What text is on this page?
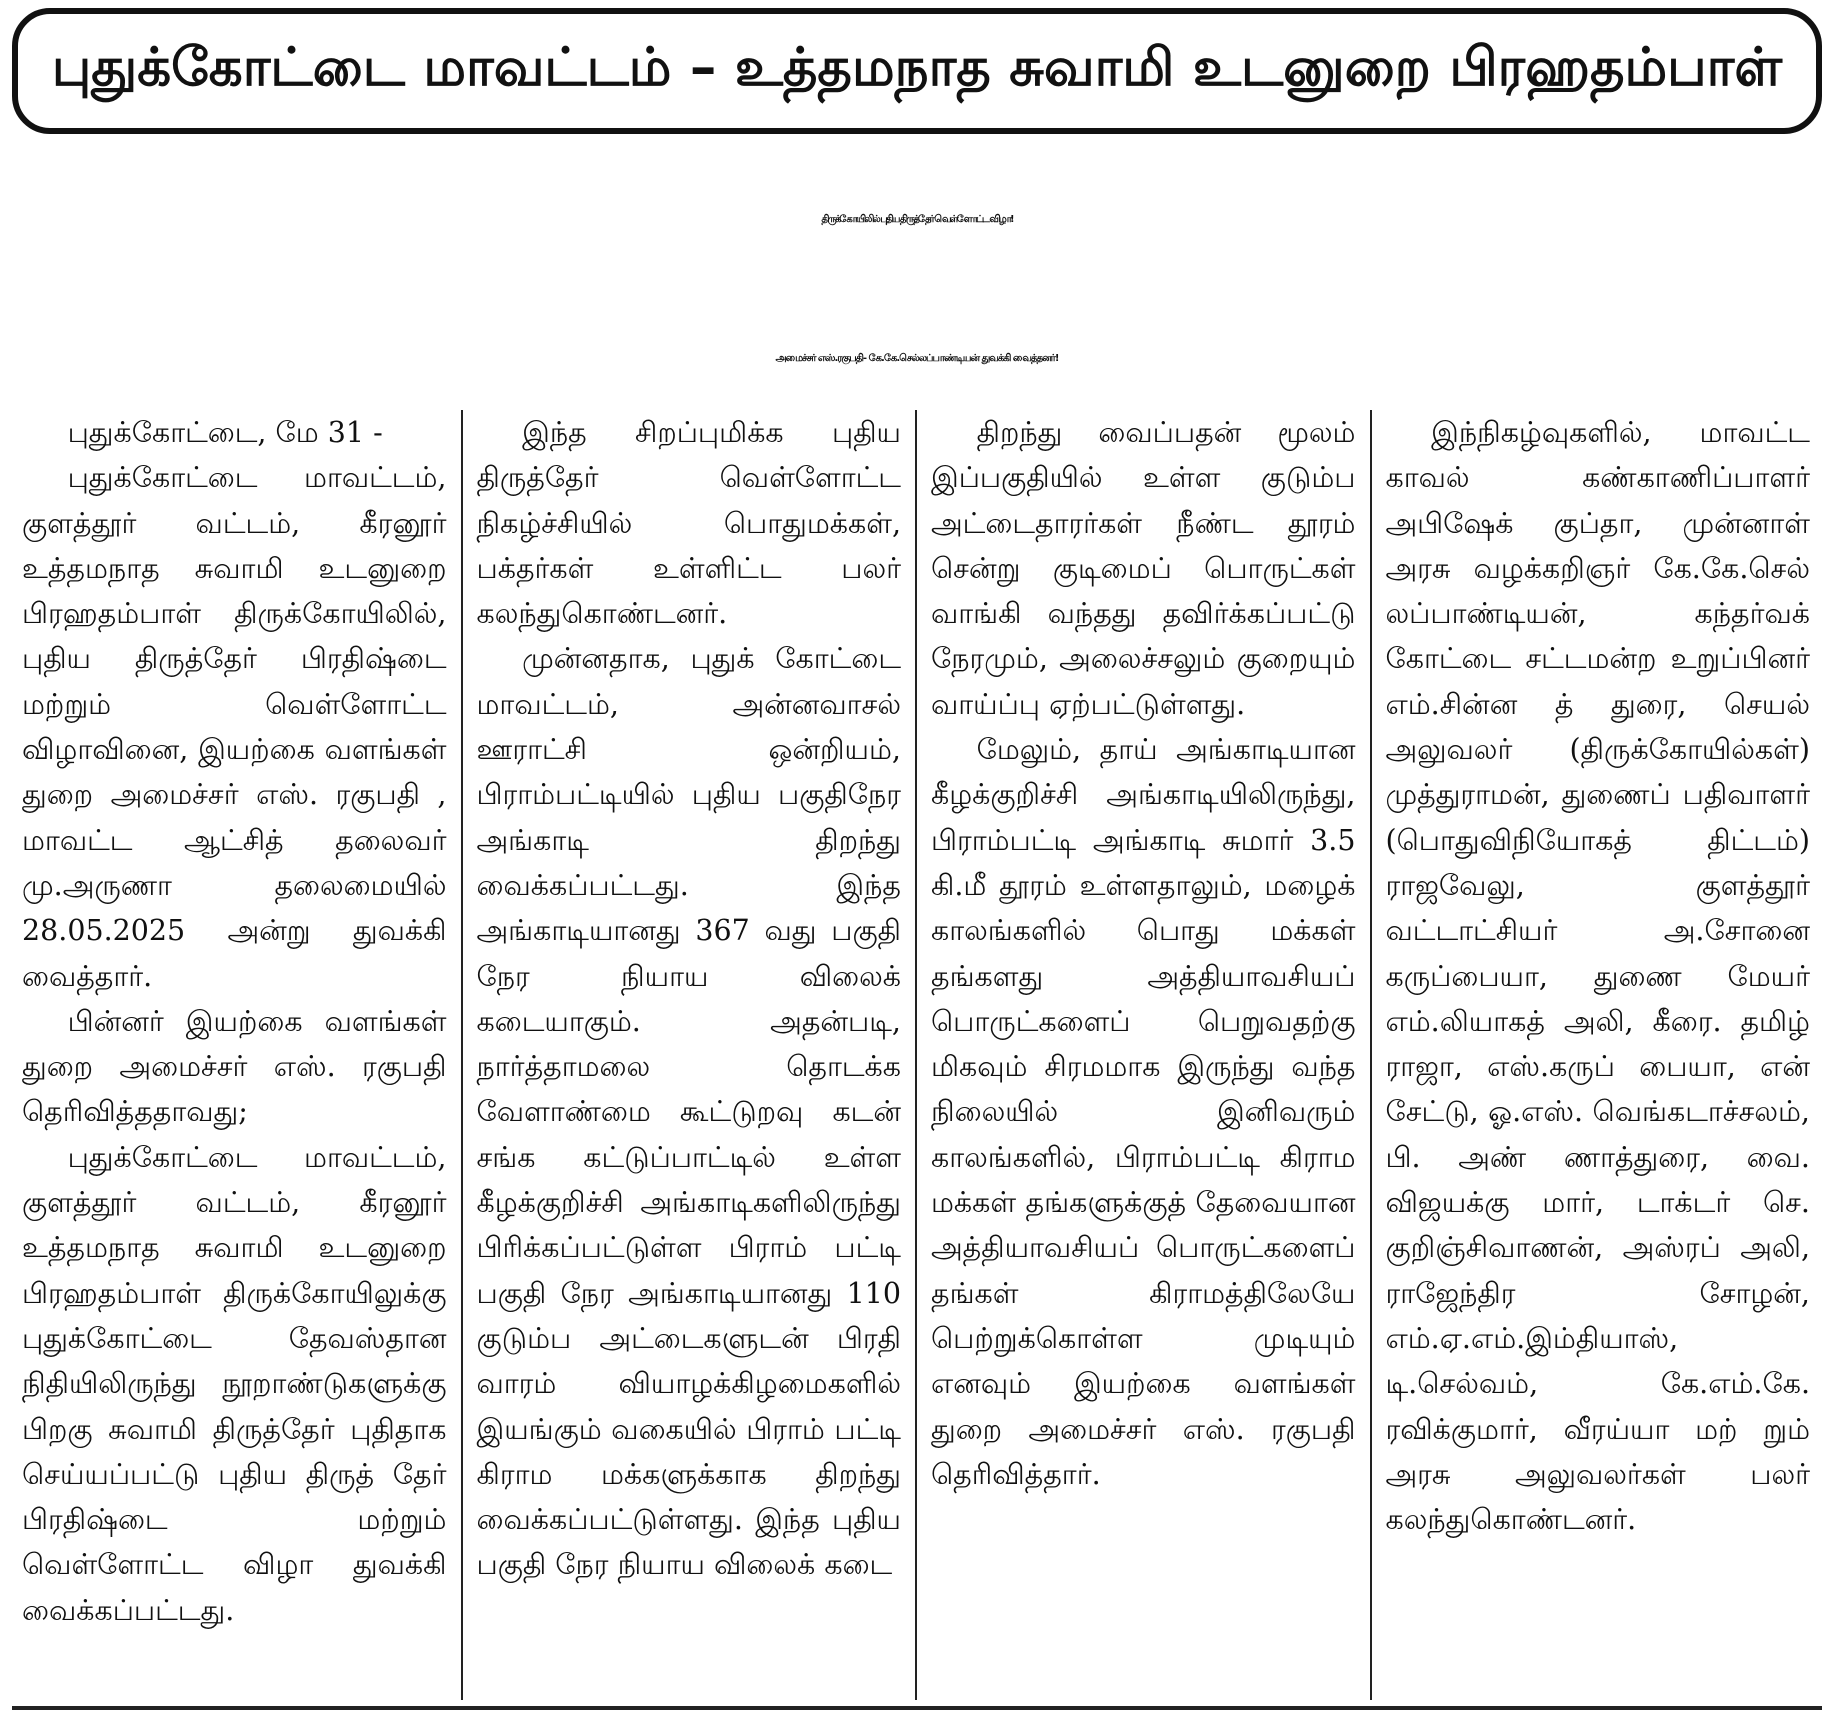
புதுக்கோட்டை மாவட்டம் – உத்தமநாத சுவாமி உடனுறை பிரஹதம்பாள்
திருக்கோயிலில் புதிய திருத்தேர் வெள்ளோட்ட விழா!
அமைச்சர் எஸ்.ரகுபதி- கே.கே.செல்லப்பாண்டியன் துவக்கி வைத்தனர்!

புதுக்கோட்டை, மே 31 -

புதுக்கோட்டை மாவட்டம், குளத்தூர் வட்டம், கீரனூர் உத்தமநாத சுவாமி உடனுறை பிரஹதம்பாள் திருக்கோயிலில், புதிய திருத்தேர் பிரதிஷ்டை மற்றும் வெள்ளோட்ட விழாவினை, இயற்கை வளங்கள் துறை அமைச்சர் எஸ். ரகுபதி , மாவட்ட ஆட்சித் தலைவர் மு.அருணா தலைமையில் 28.05.2025 அன்று துவக்கி வைத்தார்.

பின்னர் இயற்கை வளங்கள் துறை அமைச்சர் எஸ். ரகுபதி தெரிவித்ததாவது;

புதுக்கோட்டை மாவட்டம், குளத்தூர் வட்டம், கீரனூர் உத்தமநாத சுவாமி உடனுறை பிரஹதம்பாள் திருக்கோயிலுக்கு புதுக்கோட்டை தேவஸ்தான நிதியிலிருந்து நூறாண்டுகளுக்கு பிறகு சுவாமி திருத்தேர் புதிதாக செய்யப்பட்டு புதிய திருத் தேர் பிரதிஷ்டை மற்றும் வெள்ளோட்ட விழா துவக்கி வைக்கப்பட்டது.

இந்த சிறப்புமிக்க புதிய திருத்தேர் வெள்ளோட்ட நிகழ்ச்சியில் பொதுமக்கள், பக்தர்கள் உள்ளிட்ட பலர் கலந்துகொண்டனர்.

முன்னதாக, புதுக் கோட்டை மாவட்டம், அன்னவாசல் ஊராட்சி ஒன்றியம், பிராம்பட்டியில் புதிய பகுதிநேர அங்காடி திறந்து வைக்கப்பட்டது. இந்த அங்காடியானது 367 வது பகுதி நேர நியாய விலைக் கடையாகும். அதன்படி, நார்த்தாமலை தொடக்க வேளாண்மை கூட்டுறவு கடன் சங்க கட்டுப்பாட்டில் உள்ள கீழக்குறிச்சி அங்காடிகளிலிருந்து பிரிக்கப்பட்டுள்ள பிராம் பட்டி பகுதி நேர அங்காடியானது 110 குடும்ப அட்டைகளுடன் பிரதி வாரம் வியாழக்கிழமைகளில் இயங்கும் வகையில் பிராம் பட்டி கிராம மக்களுக்காக திறந்து வைக்கப்பட்டுள்ளது. இந்த புதிய பகுதி நேர நியாய விலைக் கடை

திறந்து வைப்பதன் மூலம் இப்பகுதியில் உள்ள குடும்ப அட்டைதாரர்கள் நீண்ட தூரம் சென்று குடிமைப் பொருட்கள் வாங்கி வந்தது தவிர்க்கப்பட்டு நேரமும், அலைச்சலும் குறையும் வாய்ப்பு ஏற்பட்டுள்ளது.

மேலும், தாய் அங்காடியான கீழக்குறிச்சி அங்காடியிலிருந்து, பிராம்பட்டி அங்காடி சுமார் 3.5 கி.மீ தூரம் உள்ளதாலும், மழைக் காலங்களில் பொது மக்கள் தங்களது அத்தியாவசியப் பொருட்களைப் பெறுவதற்கு மிகவும் சிரமமாக இருந்து வந்த நிலையில் இனிவரும் காலங்களில், பிராம்பட்டி கிராம மக்கள் தங்களுக்குத் தேவையான அத்தியாவசியப் பொருட்களைப் தங்கள் கிராமத்திலேயே பெற்றுக்கொள்ள முடியும் எனவும் இயற்கை வளங்கள் துறை அமைச்சர் எஸ். ரகுபதி தெரிவித்தார்.

இந்நிகழ்வுகளில், மாவட்ட காவல் கண்காணிப்பாளர் அபிஷேக் குப்தா, முன்னாள் அரசு வழக்கறிஞர் கே.கே.செல் லப்பாண்டியன், கந்தர்வக் கோட்டை சட்டமன்ற உறுப்பினர் எம்.சின்ன த் துரை, செயல் அலுவலர் (திருக்கோயில்கள்) முத்துராமன், துணைப் பதிவாளர் (பொதுவிநியோகத் திட்டம்) ராஜவேலு, குளத்தூர் வட்டாட்சியர் அ.சோனை கருப்பையா, துணை மேயர் எம்.லியாகத் அலி, கீரை. தமிழ் ராஜா, எஸ்.கருப் பையா, என் சேட்டு, ஓ.எஸ். வெங்கடாச்சலம், பி. அண் ணாத்துரை, வை. விஜயக்கு மார், டாக்டர் செ. குறிஞ்சிவாணன், அஸ்ரப் அலி, ராஜேந்திர சோழன், எம்.ஏ.எம்.இம்தியாஸ், டி.செல்வம், கே.எம்.கே. ரவிக்குமார், வீரய்யா மற் றும் அரசு அலுவலர்கள் பலர் கலந்துகொண்டனர்.
